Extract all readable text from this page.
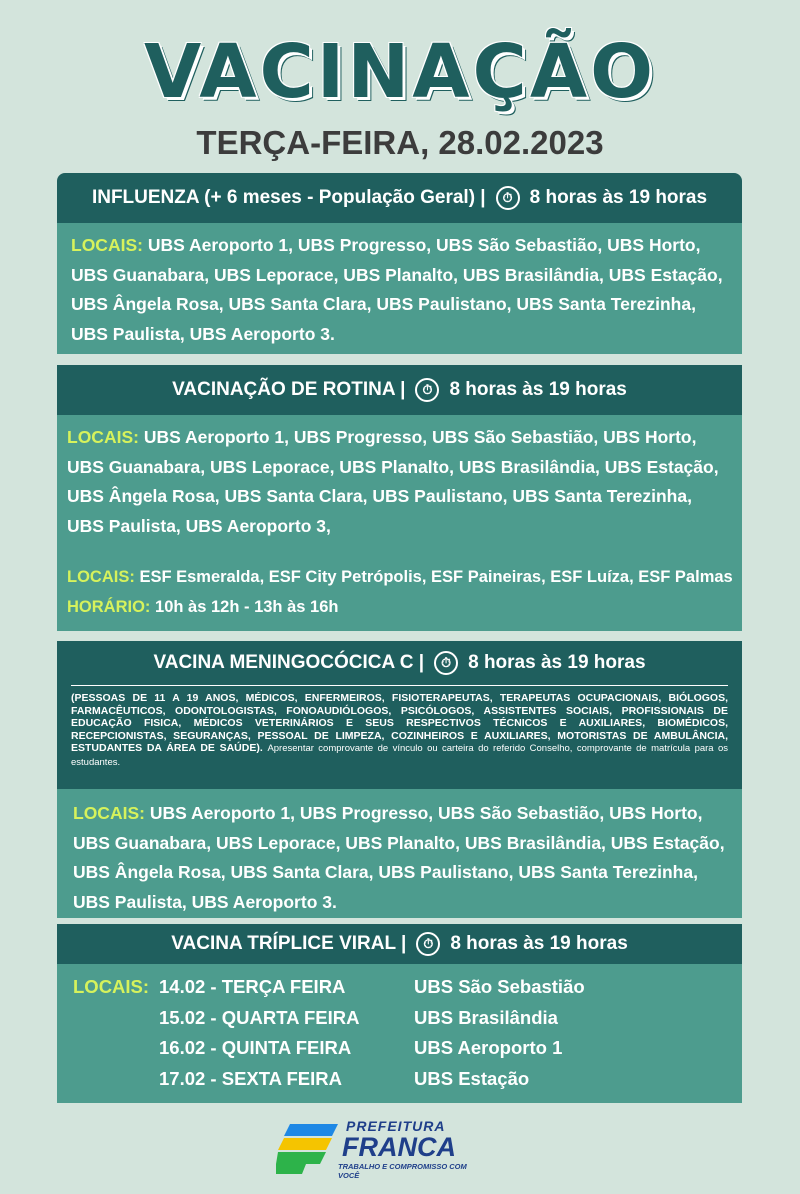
VACINAÇÃO
TERÇA-FEIRA, 28.02.2023
INFLUENZA (+ 6 meses - População Geral) |	⏱ 8 horas às 19 horas
LOCAIS: UBS Aeroporto 1, UBS Progresso, UBS São Sebastião, UBS Horto,
UBS Guanabara, UBS Leporace, UBS Planalto, UBS Brasilândia, UBS Estação,
UBS Ângela Rosa, UBS Santa Clara, UBS Paulistano, UBS Santa Terezinha,
UBS Paulista, UBS Aeroporto 3.
VACINAÇÃO DE ROTINA |	⏱ 8 horas às 19 horas
LOCAIS: UBS Aeroporto 1, UBS Progresso, UBS São Sebastião, UBS Horto,
UBS Guanabara, UBS Leporace, UBS Planalto, UBS Brasilândia, UBS Estação,
UBS Ângela Rosa, UBS Santa Clara, UBS Paulistano, UBS Santa Terezinha,
UBS Paulista, UBS Aeroporto 3,
LOCAIS: ESF Esmeralda, ESF City Petrópolis, ESF Paineiras, ESF Luíza, ESF Palmas
HORÁRIO: 10h às 12h - 13h às 16h
VACINA MENINGOCÓCICA C |	⏱ 8 horas às 19 horas
(PESSOAS DE 11 A 19 ANOS, MÉDICOS, ENFERMEIROS, FISIOTERAPEUTAS, TERAPEUTAS OCUPACIONAIS, BIÓLOGOS, FARMACÊUTICOS, ODONTOLOGISTAS, FONOAUDIÓLOGOS, PSICÓLOGOS, ASSISTENTES SOCIAIS, PROFISSIONAIS DE EDUCAÇÃO FISICA, MÉDICOS VETERINÁRIOS E SEUS RESPECTIVOS TÉCNICOS E AUXILIARES, BIOMÉDICOS, RECEPCIONISTAS, SEGURANÇAS, PESSOAL DE LIMPEZA, COZINHEIROS E AUXILIARES, MOTORISTAS DE AMBULÂNCIA, ESTUDANTES DA ÁREA DE SAÚDE). Apresentar comprovante de vínculo ou carteira do referido Conselho, comprovante de matrícula para os estudantes.
LOCAIS: UBS Aeroporto 1, UBS Progresso, UBS São Sebastião, UBS Horto,
UBS Guanabara, UBS Leporace, UBS Planalto, UBS Brasilândia, UBS Estação,
UBS Ângela Rosa, UBS Santa Clara, UBS Paulistano, UBS Santa Terezinha,
UBS Paulista, UBS Aeroporto 3.
VACINA TRÍPLICE VIRAL |	⏱ 8 horas às 19 horas
LOCAIS: 14.02 - TERÇA FEIRA	UBS São Sebastião
15.02 - QUARTA FEIRA	UBS Brasilândia
16.02 - QUINTA FEIRA	UBS Aeroporto 1
17.02 - SEXTA FEIRA	UBS Estação
PREFEITURA
FRANCA
TRABALHO E COMPROMISSO COM VOCÊ
